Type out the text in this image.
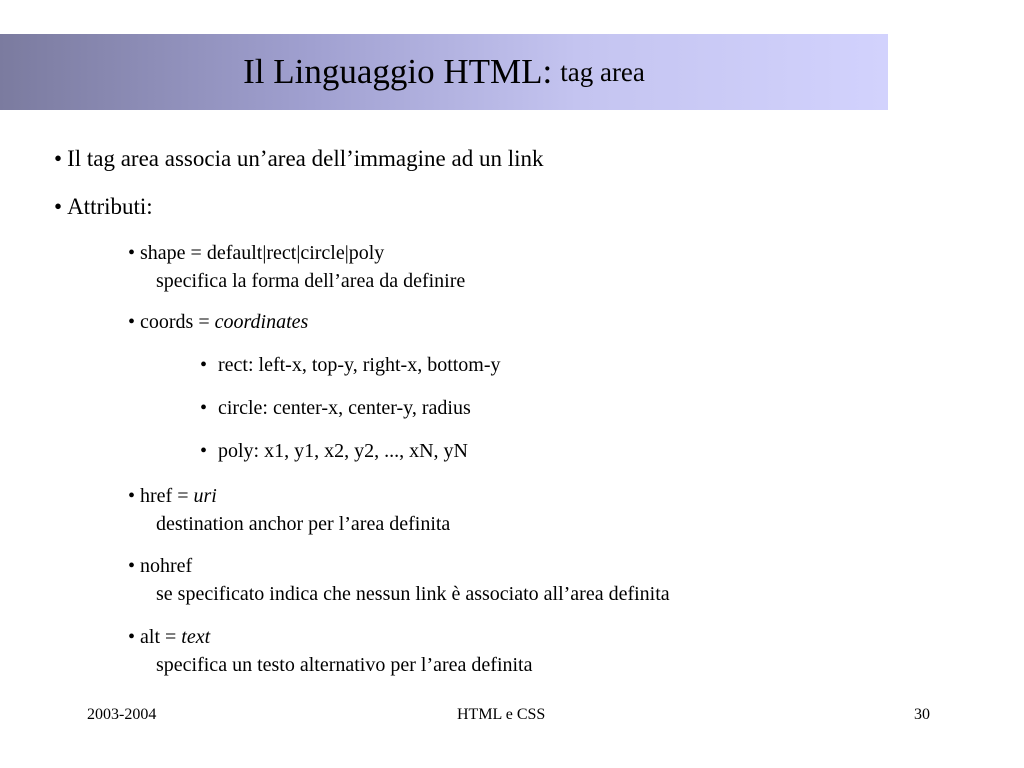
Il Linguaggio HTML: tag area
• Il tag area associa un’area dell’immagine ad un link
• Attributi:
• shape = default|rect|circle|poly
specifica la forma dell’area da definire
• coords = coordinates
• rect: left-x, top-y, right-x, bottom-y
• circle: center-x, center-y, radius
• poly: x1, y1, x2, y2, ..., xN, yN
• href = uri
destination anchor per l’area definita
• nohref
se specificato indica che nessun link è associato all’area definita
• alt = text
specifica un testo alternativo per l’area definita
2003-2004	HTML e CSS	30
